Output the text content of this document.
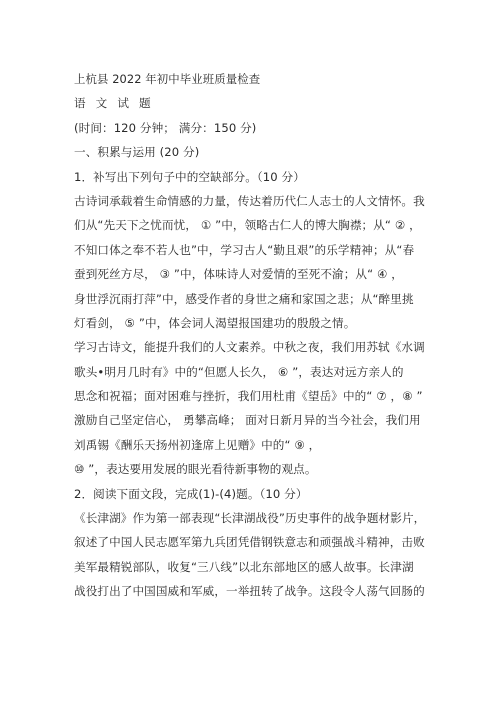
上杭县 2022 年初中毕业班质量检查
语 文 试 题
(时间：120 分钟； 满分：150 分)
一、积累与运用 (20 分)
1．补写出下列句子中的空缺部分。（10 分）
古诗词承载着生命情感的力量，传达着历代仁人志士的人文情怀。我
们从“先天下之忧而忧， ① ”中，领略古仁人的博大胸襟；从“ ② ，
不知口体之奉不若人也”中，学习古人“勤且艰”的乐学精神；从“春
蚕到死丝方尽， ③ ”中，体味诗人对爱情的至死不渝；从“ ④ ，
身世浮沉雨打萍”中，感受作者的身世之痛和家国之悲；从“醉里挑
灯看剑， ⑤ ”中，体会词人渴望报国建功的殷殷之情。
学习古诗文，能提升我们的人文素养。中秋之夜，我们用苏轼《水调
歌头•明月几时有》中的“但愿人长久， ⑥ ”，表达对远方亲人的
思念和祝福；面对困难与挫折，我们用杜甫《望岳》中的“ ⑦ ，⑧ ”
激励自己坚定信心， 勇攀高峰； 面对日新月异的当今社会，我们用
刘禹锡《酬乐天扬州初逢席上见赠》中的“ ⑨ ，
⑩ ”，表达要用发展的眼光看待新事物的观点。
2．阅读下面文段，完成(1)-(4)题。（10 分）
《长津湖》作为第一部表现“长津湖战役”历史事件的战争题材影片，
叙述了中国人民志愿军第九兵团凭借钢铁意志和顽强战斗精神，击败
美军最精锐部队，收复“三八线”以北东部地区的感人故事。长津湖
战役打出了中国国威和军威，一举扭转了战争。这段令人荡气回肠的
